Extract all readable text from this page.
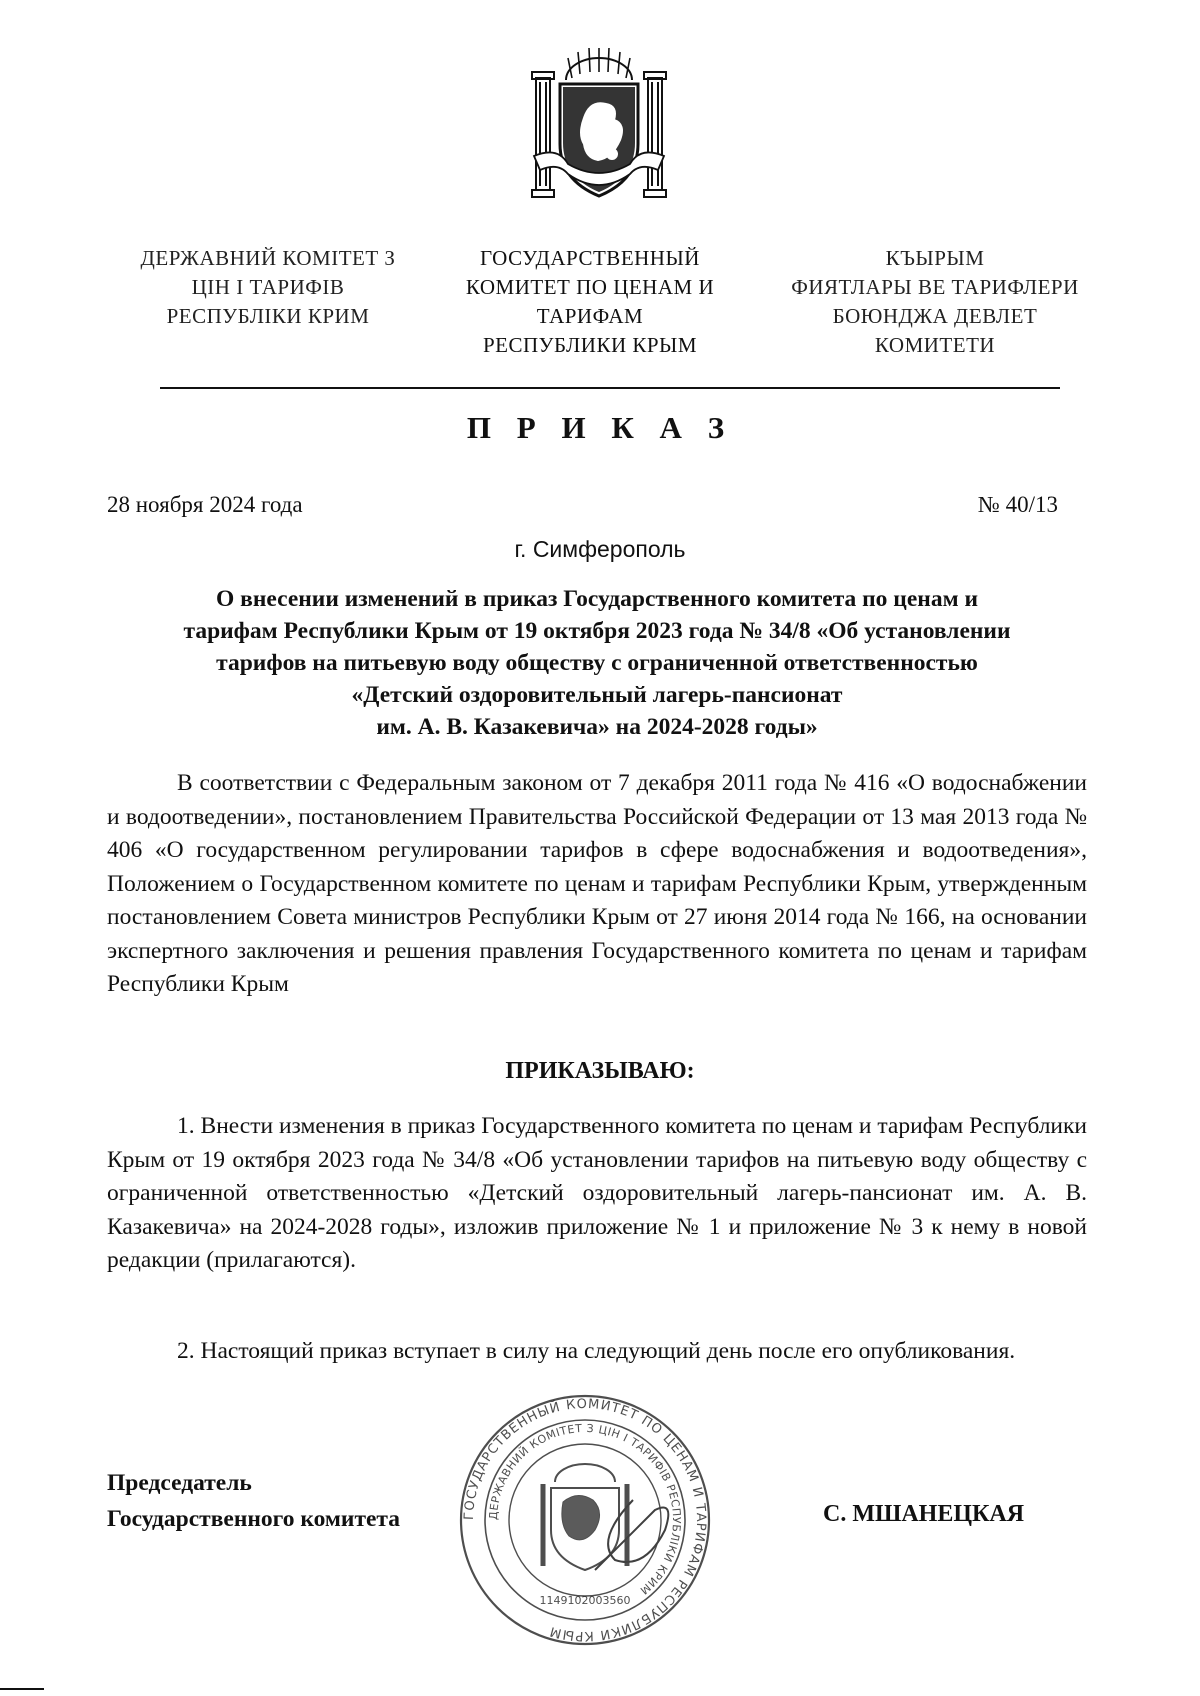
ДЕРЖАВНИЙ КОМІТЕТ З
ЦІН І ТАРИФІВ
РЕСПУБЛІКИ КРИМ
ГОСУДАРСТВЕННЫЙ
КОМИТЕТ ПО ЦЕНАМ И
ТАРИФАМ
РЕСПУБЛИКИ КРЫМ
КЪЫРЫМ
ФИЯТЛАРЫ ВЕ ТАРИФЛЕРИ
БОЮНДЖА ДЕВЛЕТ
КОМИТЕТИ
П Р И К А З
28 ноября 2024 года	№ 40/13
г. Симферополь
О внесении изменений в приказ Государственного комитета по ценам и
тарифам Республики Крым от 19 октября 2023 года № 34/8 «Об установлении
тарифов на питьевую воду обществу с ограниченной ответственностью
«Детский оздоровительный лагерь-пансионат
им. А. В. Казакевича» на 2024-2028 годы»

В соответствии с Федеральным законом от 7 декабря 2011 года № 416 «О водоснабжении и водоотведении», постановлением Правительства Российской Федерации от 13 мая 2013 года № 406 «О государственном регулировании тарифов в сфере водоснабжения и водоотведения», Положением о Государственном комитете по ценам и тарифам Республики Крым, утвержденным постановлением Совета министров Республики Крым от 27 июня 2014 года № 166, на основании экспертного заключения и решения правления Государственного комитета по ценам и тарифам Республики Крым

ПРИКАЗЫВАЮ:

1. Внести изменения в приказ Государственного комитета по ценам и тарифам Республики Крым от 19 октября 2023 года № 34/8 «Об установлении тарифов на питьевую воду обществу с ограниченной ответственностью «Детский оздоровительный лагерь-пансионат им. А. В. Казакевича» на 2024-2028 годы», изложив приложение № 1 и приложение № 3 к нему в новой редакции (прилагаются).

2. Настоящий приказ вступает в силу на следующий день после его опубликования.

Председатель
Государственного комитета	ГОСУДАРСТВЕННЫЙ КОМИТЕТ ПО ЦЕНАМ И ТАРИФАМ РЕСПУБЛИКИ КРЫМ
ДЕРЖАВНИЙ КОМІТЕТ З ЦІН І ТАРИФІВ РЕСПУБЛІКИ КРИМ
1149102003560
С. МШАНЕЦКАЯ
